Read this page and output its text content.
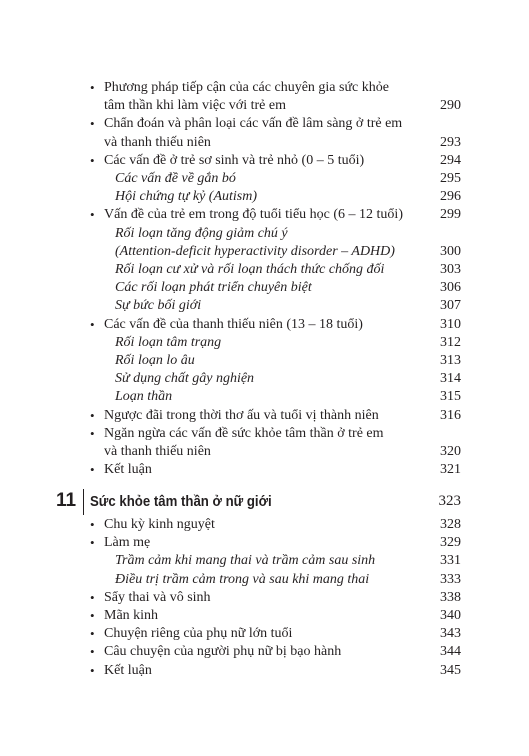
• Phương pháp tiếp cận của các chuyên gia sức khỏe
tâm thần khi làm việc với trẻ em	290
• Chẩn đoán và phân loại các vấn đề lâm sàng ở trẻ em
và thanh thiếu niên	293
• Các vấn đề ở trẻ sơ sinh và trẻ nhỏ (0 – 5 tuổi)	294
Các vấn đề về gắn bó	295
Hội chứng tự kỷ (Autism)	296
• Vấn đề của trẻ em trong độ tuổi tiểu học (6 – 12 tuổi)	299
Rối loạn tăng động giảm chú ý
(Attention-deficit hyperactivity disorder – ADHD)	300
Rối loạn cư xử và rối loạn thách thức chống đối	303
Các rối loạn phát triển chuyên biệt	306
Sự bức bối giới	307
• Các vấn đề của thanh thiếu niên (13 – 18 tuổi)	310
Rối loạn tâm trạng	312
Rối loạn lo âu	313
Sử dụng chất gây nghiện	314
Loạn thần	315
• Ngược đãi trong thời thơ ấu và tuổi vị thành niên	316
• Ngăn ngừa các vấn đề sức khỏe tâm thần ở trẻ em
và thanh thiếu niên	320
• Kết luận	321
11 Sức khỏe tâm thần ở nữ giới	323
• Chu kỳ kinh nguyệt	328
• Làm mẹ	329
Trầm cảm khi mang thai và trầm cảm sau sinh	331
Điều trị trầm cảm trong và sau khi mang thai	333
• Sẩy thai và vô sinh	338
• Mãn kinh	340
• Chuyện riêng của phụ nữ lớn tuổi	343
• Câu chuyện của người phụ nữ bị bạo hành	344
• Kết luận	345
